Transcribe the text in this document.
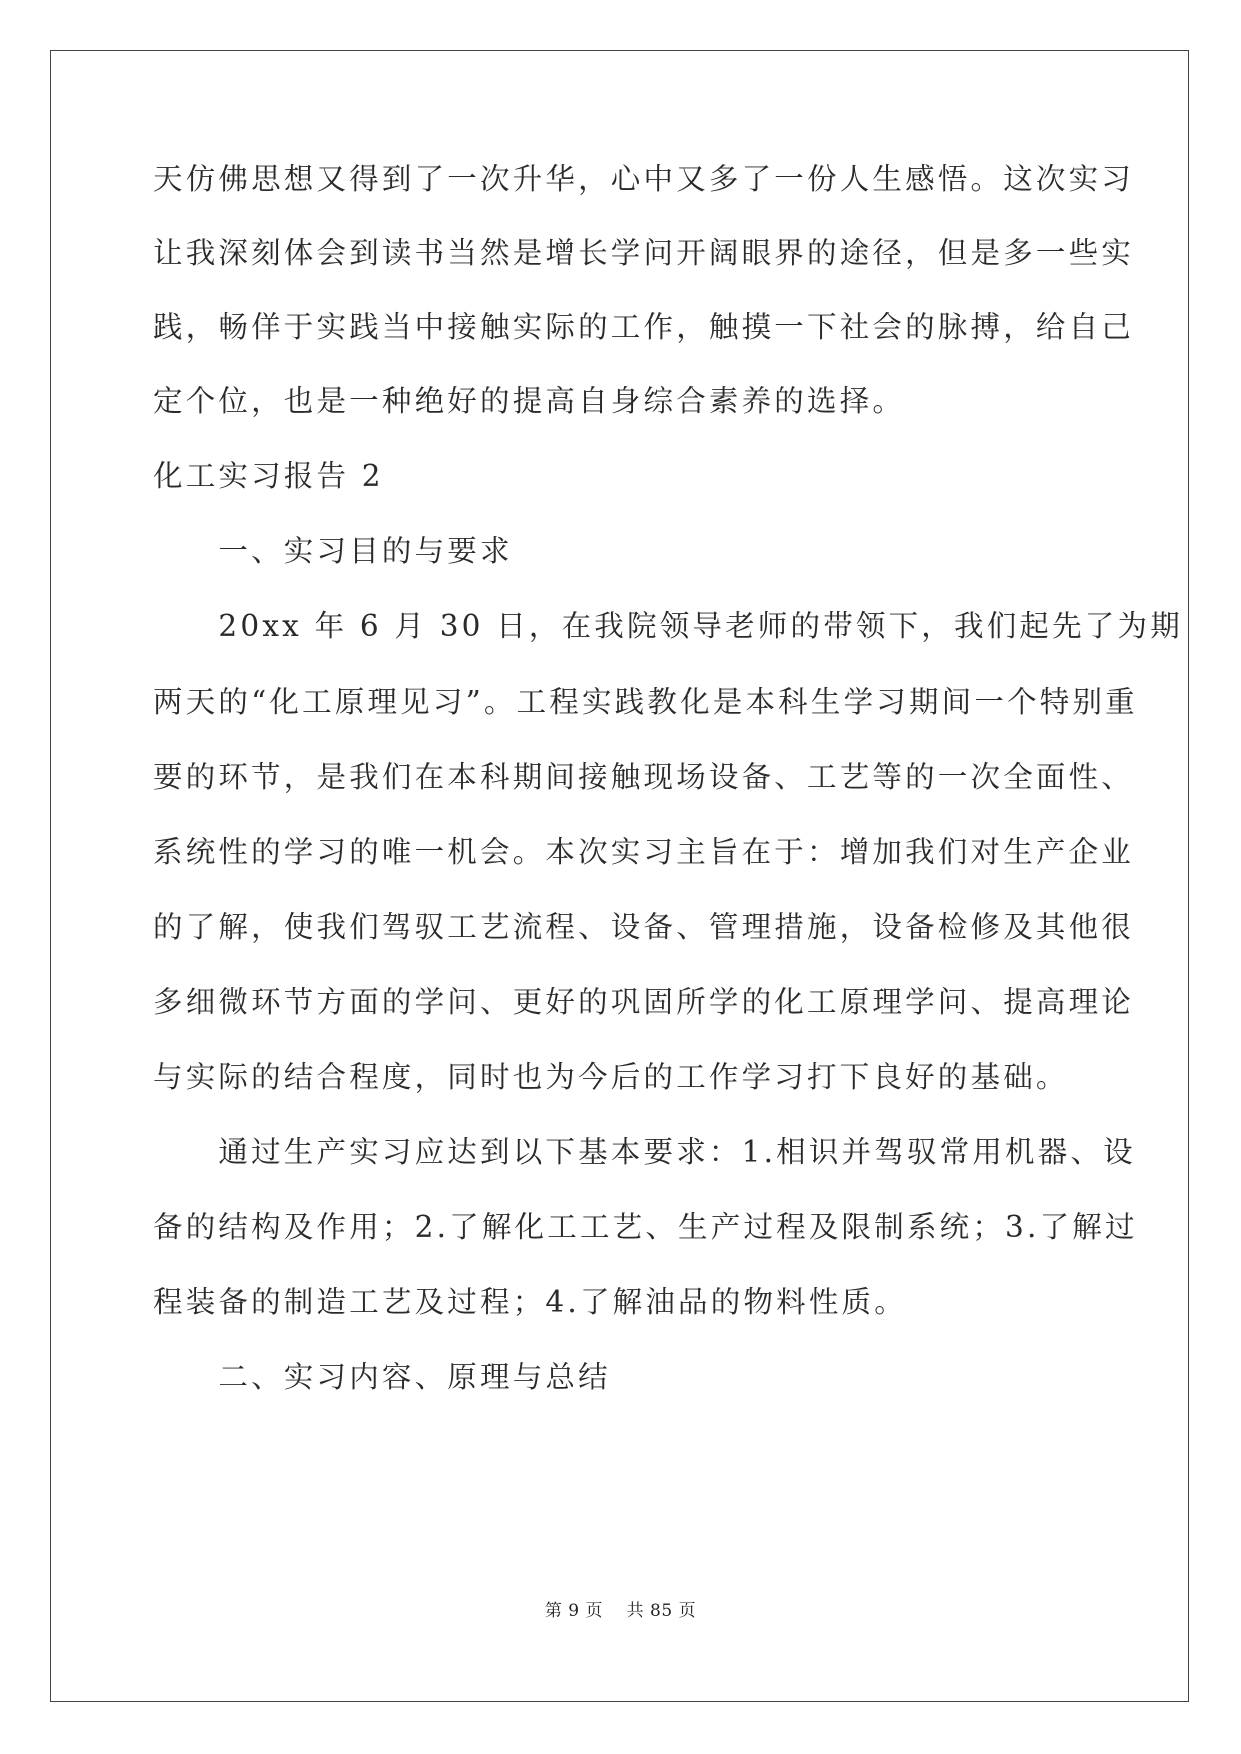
天仿佛思想又得到了一次升华，心中又多了一份人生感悟。这次实习

让我深刻体会到读书当然是增长学问开阔眼界的途径，但是多一些实

践，畅佯于实践当中接触实际的工作，触摸一下社会的脉搏，给自己

定个位，也是一种绝好的提高自身综合素养的选择。

化工实习报告 2

　　一、实习目的与要求

　　20xx 年 6 月 30 日，在我院领导老师的带领下，我们起先了为期

两天的“化工原理见习”。工程实践教化是本科生学习期间一个特别重

要的环节，是我们在本科期间接触现场设备、工艺等的一次全面性、

系统性的学习的唯一机会。本次实习主旨在于：增加我们对生产企业

的了解，使我们驾驭工艺流程、设备、管理措施，设备检修及其他很

多细微环节方面的学问、更好的巩固所学的化工原理学问、提高理论

与实际的结合程度，同时也为今后的工作学习打下良好的基础。

　　通过生产实习应达到以下基本要求：1.相识并驾驭常用机器、设

备的结构及作用；2.了解化工工艺、生产过程及限制系统；3.了解过

程装备的制造工艺及过程；4.了解油品的物料性质。

　　二、实习内容、原理与总结

第 9 页 共 85 页
